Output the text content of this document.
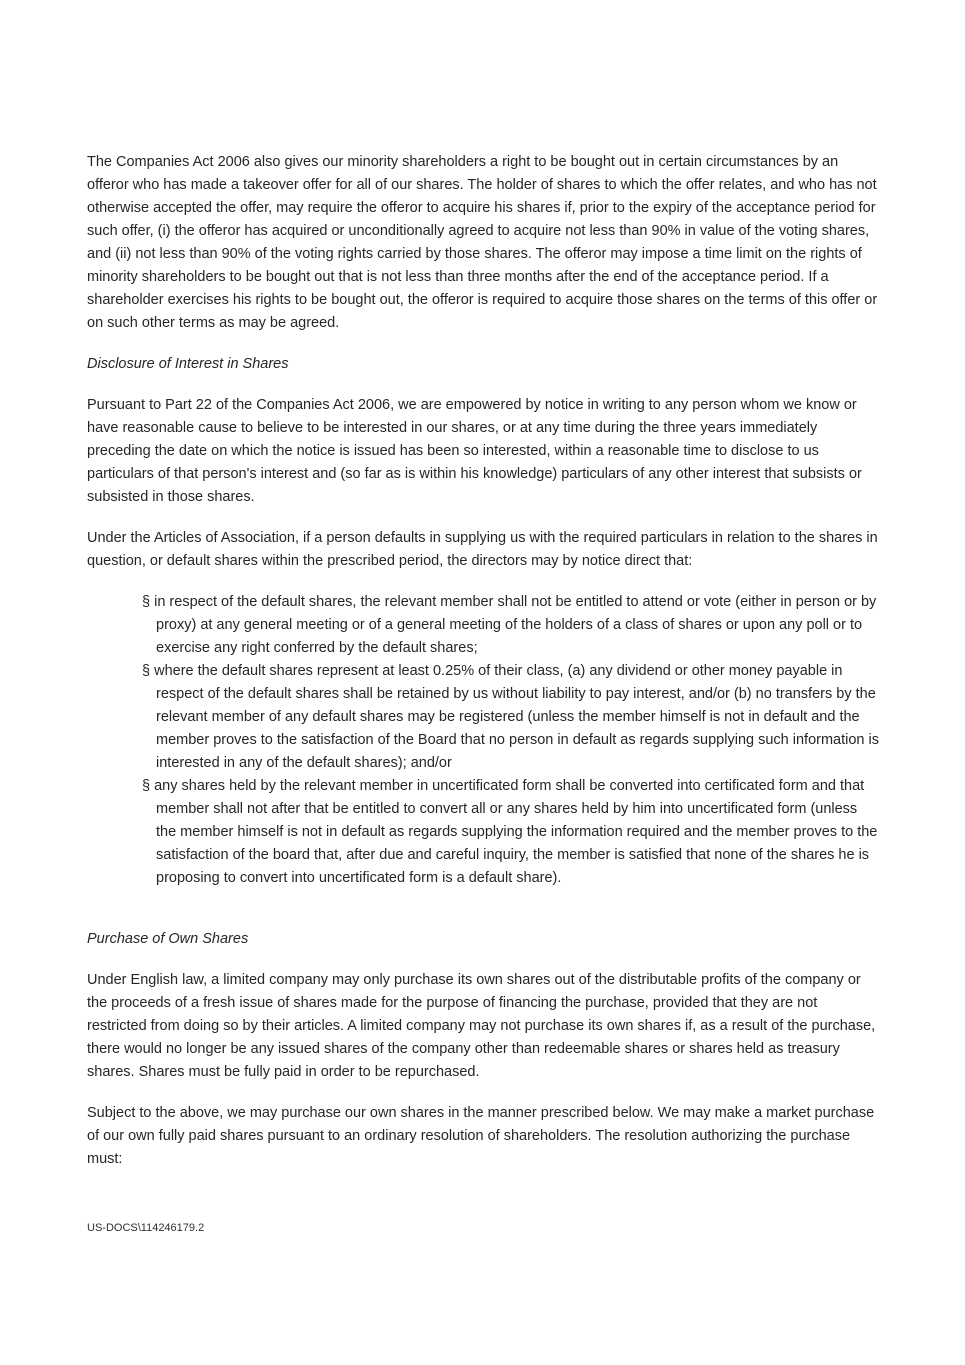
The Companies Act 2006 also gives our minority shareholders a right to be bought out in certain circumstances by an offeror who has made a takeover offer for all of our shares. The holder of shares to which the offer relates, and who has not otherwise accepted the offer, may require the offeror to acquire his shares if, prior to the expiry of the acceptance period for such offer, (i) the offeror has acquired or unconditionally agreed to acquire not less than 90% in value of the voting shares, and (ii) not less than 90% of the voting rights carried by those shares. The offeror may impose a time limit on the rights of minority shareholders to be bought out that is not less than three months after the end of the acceptance period. If a shareholder exercises his rights to be bought out, the offeror is required to acquire those shares on the terms of this offer or on such other terms as may be agreed.

Disclosure of Interest in Shares

Pursuant to Part 22 of the Companies Act 2006, we are empowered by notice in writing to any person whom we know or have reasonable cause to believe to be interested in our shares, or at any time during the three years immediately preceding the date on which the notice is issued has been so interested, within a reasonable time to disclose to us particulars of that person's interest and (so far as is within his knowledge) particulars of any other interest that subsists or subsisted in those shares.

Under the Articles of Association, if a person defaults in supplying us with the required particulars in relation to the shares in question, or default shares within the prescribed period, the directors may by notice direct that:

§ in respect of the default shares, the relevant member shall not be entitled to attend or vote (either in person or by proxy) at any general meeting or of a general meeting of the holders of a class of shares or upon any poll or to exercise any right conferred by the default shares;

§ where the default shares represent at least 0.25% of their class, (a) any dividend or other money payable in respect of the default shares shall be retained by us without liability to pay interest, and/or (b) no transfers by the relevant member of any default shares may be registered (unless the member himself is not in default and the member proves to the satisfaction of the Board that no person in default as regards supplying such information is interested in any of the default shares); and/or

§ any shares held by the relevant member in uncertificated form shall be converted into certificated form and that member shall not after that be entitled to convert all or any shares held by him into uncertificated form (unless the member himself is not in default as regards supplying the information required and the member proves to the satisfaction of the board that, after due and careful inquiry, the member is satisfied that none of the shares he is proposing to convert into uncertificated form is a default share).

Purchase of Own Shares

Under English law, a limited company may only purchase its own shares out of the distributable profits of the company or the proceeds of a fresh issue of shares made for the purpose of financing the purchase, provided that they are not restricted from doing so by their articles. A limited company may not purchase its own shares if, as a result of the purchase, there would no longer be any issued shares of the company other than redeemable shares or shares held as treasury shares. Shares must be fully paid in order to be repurchased.

Subject to the above, we may purchase our own shares in the manner prescribed below. We may make a market purchase of our own fully paid shares pursuant to an ordinary resolution of shareholders. The resolution authorizing the purchase must:

US-DOCS\114246179.2
